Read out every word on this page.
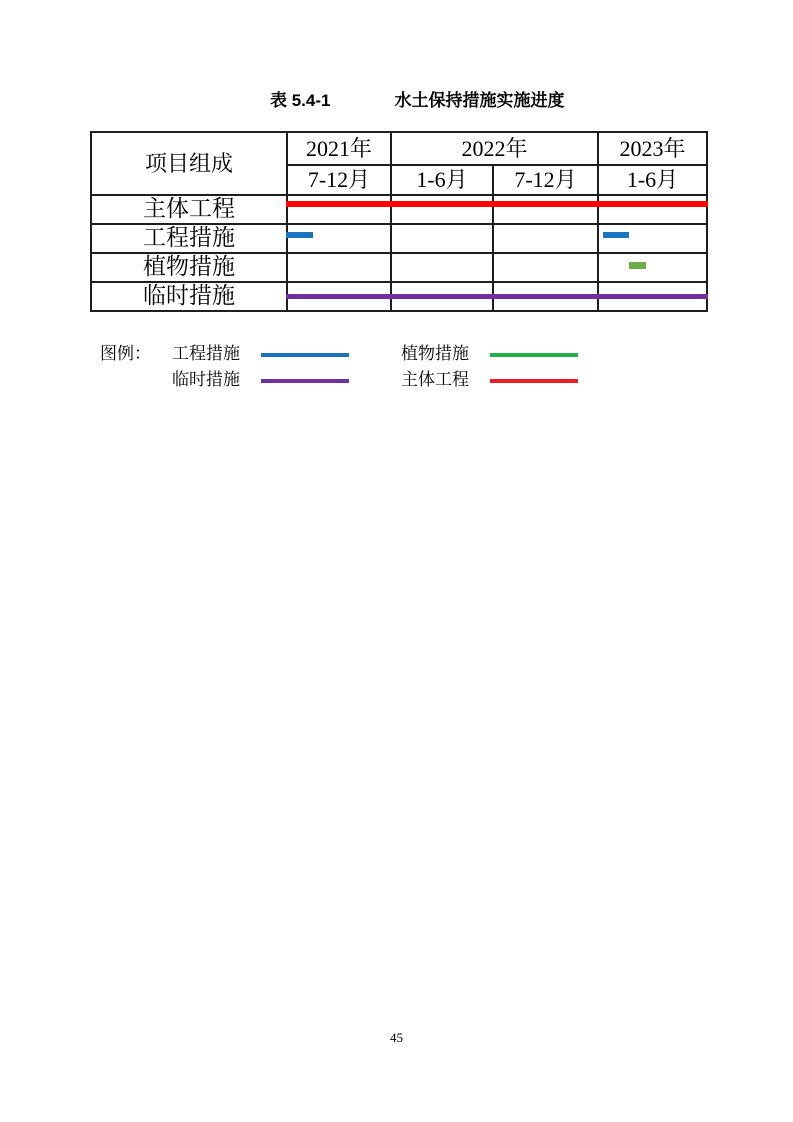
表 5.4-1	水土保持措施实施进度
项目组成	2021年	2022年		2023年
	7-12月	1-6月	7-12月	1-6月
主体工程				
工程措施				
植物措施				
临时措施				
图例：	工程措施	植物措施
临时措施	主体工程
45
